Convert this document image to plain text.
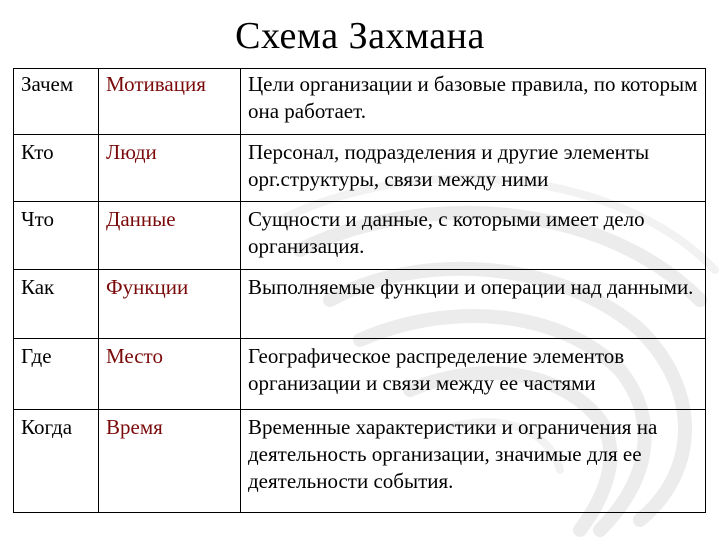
Схема Захмана
Зачем	Мотивация	Цели организации и базовые правила, по которым она работает.
Кто	Люди	Персонал, подразделения и другие элементы орг.структуры, связи между ними
Что	Данные	Сущности и данные, с которыми имеет дело организация.
Как	Функции	Выполняемые функции и операции над данными.
Где	Место	Географическое распределение элементов организации и связи между ее частями
Когда	Время	Временные характеристики и ограничения на деятельность организации, значимые для ее деятельности события.
